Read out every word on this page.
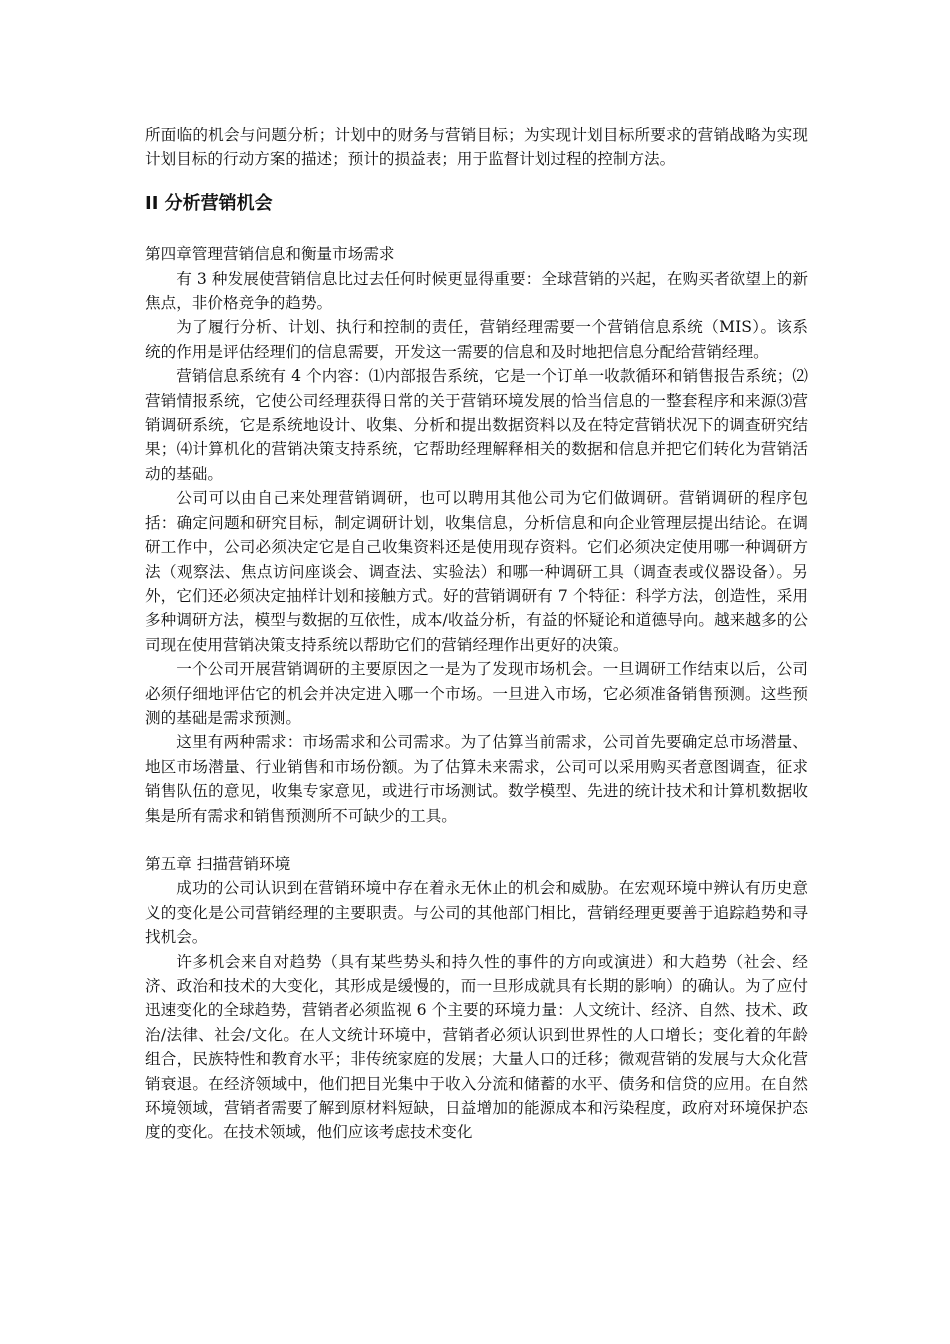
所面临的机会与问题分析；计划中的财务与营销目标；为实现计划目标所要求的营销战略为实现计划目标的行动方案的描述；预计的损益表；用于监督计划过程的控制方法。

II 分析营销机会

第四章管理营销信息和衡量市场需求

有 3 种发展使营销信息比过去任何时候更显得重要：全球营销的兴起，在购买者欲望上的新焦点，非价格竞争的趋势。

为了履行分析、计划、执行和控制的责任，营销经理需要一个营销信息系统（MIS）。该系统的作用是评估经理们的信息需要，开发这一需要的信息和及时地把信息分配给营销经理。

营销信息系统有 4 个内容：⑴内部报告系统，它是一个订单一收款循环和销售报告系统；⑵营销情报系统，它使公司经理获得日常的关于营销环境发展的恰当信息的一整套程序和来源⑶营销调研系统，它是系统地设计、收集、分析和提出数据资料以及在特定营销状况下的调查研究结果；⑷计算机化的营销决策支持系统，它帮助经理解释相关的数据和信息并把它们转化为营销活动的基础。

公司可以由自己来处理营销调研，也可以聘用其他公司为它们做调研。营销调研的程序包括：确定问题和研究目标，制定调研计划，收集信息，分析信息和向企业管理层提出结论。在调研工作中，公司必须决定它是自己收集资料还是使用现存资料。它们必须决定使用哪一种调研方法（观察法、焦点访问座谈会、调查法、实验法）和哪一种调研工具（调查表或仪器设备）。另外，它们还必须决定抽样计划和接触方式。好的营销调研有 7 个特征：科学方法，创造性，采用多种调研方法，模型与数据的互依性，成本/收益分析，有益的怀疑论和道德导向。越来越多的公司现在使用营销决策支持系统以帮助它们的营销经理作出更好的决策。

一个公司开展营销调研的主要原因之一是为了发现市场机会。一旦调研工作结束以后，公司必须仔细地评估它的机会并决定进入哪一个市场。一旦进入市场，它必须准备销售预测。这些预测的基础是需求预测。

这里有两种需求：市场需求和公司需求。为了估算当前需求，公司首先要确定总市场潜量、地区市场潜量、行业销售和市场份额。为了估算未来需求，公司可以采用购买者意图调查，征求销售队伍的意见，收集专家意见，或进行市场测试。数学模型、先进的统计技术和计算机数据收集是所有需求和销售预测所不可缺少的工具。

第五章 扫描营销环境

成功的公司认识到在营销环境中存在着永无休止的机会和威胁。在宏观环境中辨认有历史意义的变化是公司营销经理的主要职责。与公司的其他部门相比，营销经理更要善于追踪趋势和寻找机会。

许多机会来自对趋势（具有某些势头和持久性的事件的方向或演进）和大趋势（社会、经济、政治和技术的大变化，其形成是缓慢的，而一旦形成就具有长期的影响）的确认。为了应付迅速变化的全球趋势，营销者必须监视 6 个主要的环境力量：人文统计、经济、自然、技术、政治/法律、社会/文化。在人文统计环境中，营销者必须认识到世界性的人口增长；变化着的年龄组合，民族特性和教育水平；非传统家庭的发展；大量人口的迁移；微观营销的发展与大众化营销衰退。在经济领域中，他们把目光集中于收入分流和储蓄的水平、债务和信贷的应用。在自然环境领域，营销者需要了解到原材料短缺，日益增加的能源成本和污染程度，政府对环境保护态度的变化。在技术领域，他们应该考虑技术变化
